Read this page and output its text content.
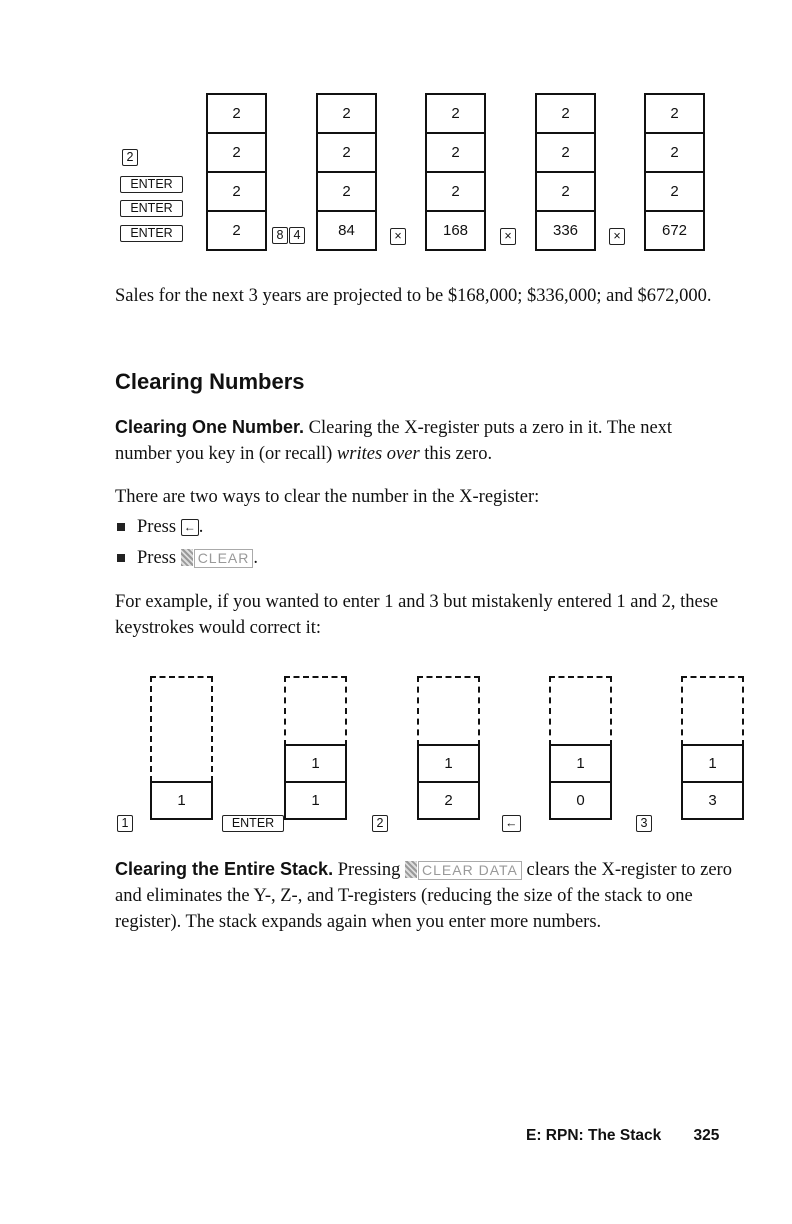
2
ENTER
ENTER
ENTER
2
2
2
2	8 4
2
2
2
84	×
2
2
2
168	×
2
2
2
336	×
2
2
2
672

Sales for the next 3 years are projected to be $168,000; $336,000; and $672,000.

Clearing Numbers

Clearing One Number. Clearing the X-register puts a zero in it. The next number you key in (or recall) writes over this zero.

There are two ways to clear the number in the X-register:

Press ← .

Press CLEAR .

For example, if you wanted to enter 1 and 3 but mistakenly entered 1 and 2, these keystrokes would correct it:

1
1
ENTER
1
1
2
1
2
←
1
0
3
1
3

Clearing the Entire Stack. Pressing CLEAR DATA clears the X-register to zero and eliminates the Y-, Z-, and T-registers (reducing the size of the stack to one register). The stack expands again when you enter more numbers.

E: RPN: The Stack 325
